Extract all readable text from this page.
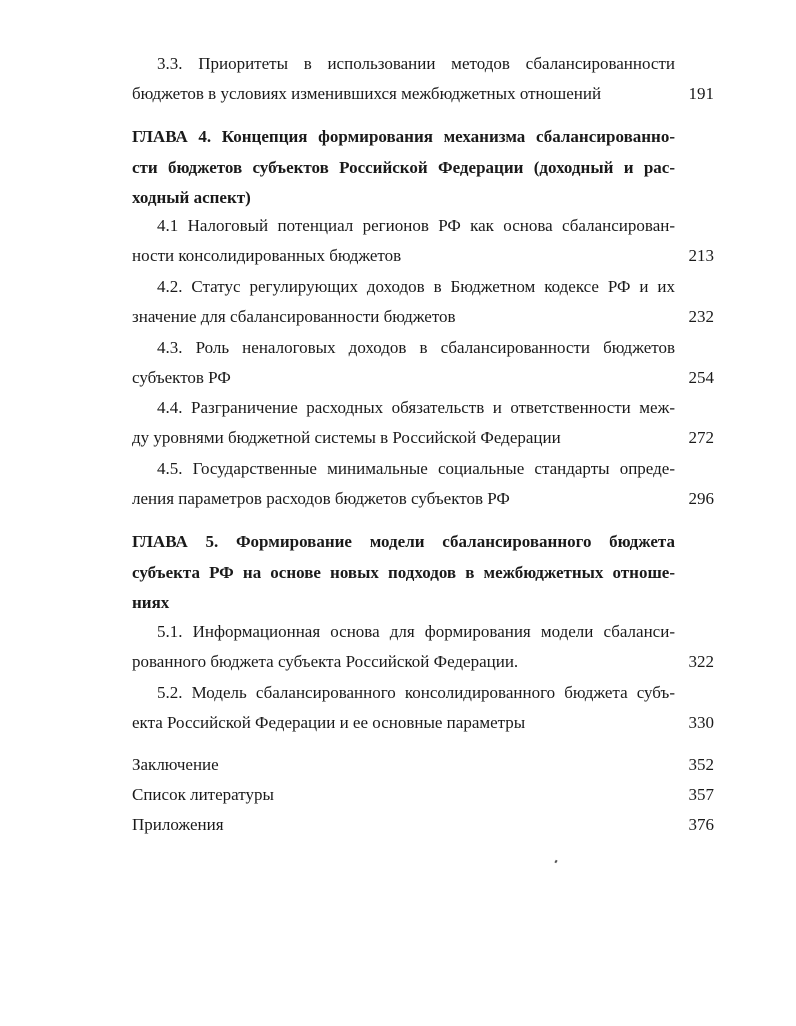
3.3. Приоритеты в использовании методов сбалансированности
бюджетов в условиях изменившихся межбюджетных отношений	191
ГЛАВА 4. Концепция формирования механизма сбалансированно-
сти бюджетов субъектов Российской Федерации (доходный и рас-
ходный аспект)
4.1 Налоговый потенциал регионов РФ как основа сбалансирован-
ности консолидированных бюджетов	213
4.2. Статус регулирующих доходов в Бюджетном кодексе РФ и их
значение для сбалансированности бюджетов	232
4.3. Роль неналоговых доходов в сбалансированности бюджетов
субъектов РФ	254
4.4. Разграничение расходных обязательств и ответственности меж-
ду уровнями бюджетной системы в Российской Федерации	272
4.5. Государственные минимальные социальные стандарты опреде-
ления параметров расходов бюджетов субъектов РФ	296
ГЛАВА 5. Формирование модели сбалансированного бюджета
субъекта РФ на основе новых подходов в межбюджетных отноше-
ниях
5.1. Информационная основа для формирования модели сбаланси-
рованного бюджета субъекта Российской Федерации.	322
5.2. Модель сбалансированного консолидированного бюджета субъ-
екта Российской Федерации и ее основные параметры	330
Заключение	352
Список литературы	357
Приложения	376
